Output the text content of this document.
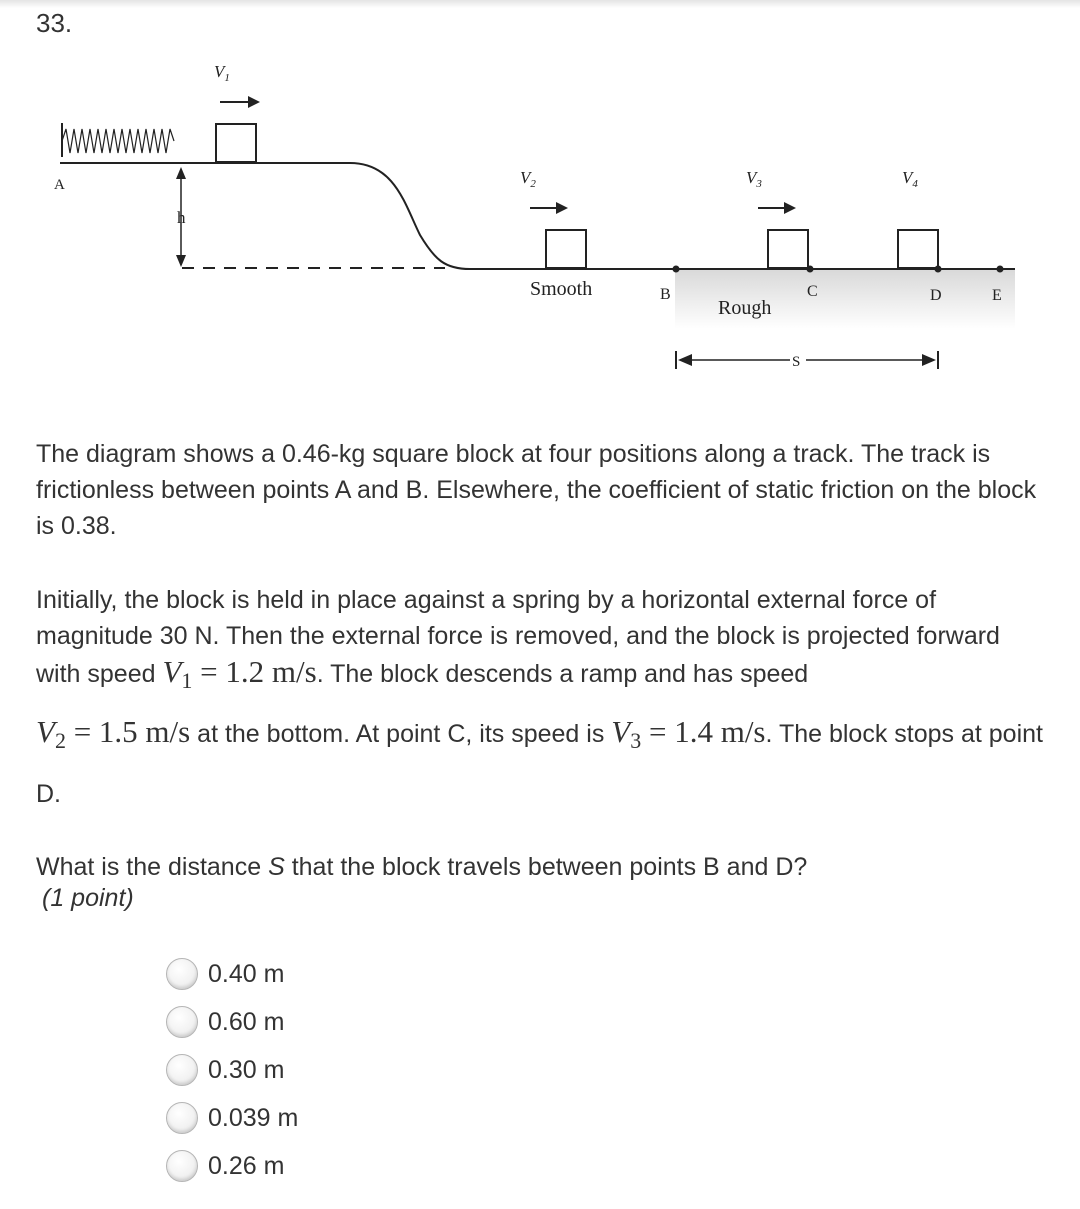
33.
h
A
$V_1$
$V_2$	$V_3$	$V_4$
Smooth	B
Rough
C	D	E
S
The diagram shows a 0.46-kg square block at four positions along a track. The track is frictionless between points A and B. Elsewhere, the coefficient of static friction on the block is 0.38.
Initially, the block is held in place against a spring by a horizontal external force of magnitude 30 N. Then the external force is removed, and the block is projected forward with speed $V_1 = 1.2$ m/s. The block descends a ramp and has speed
$V_2 = 1.5$ m/s at the bottom. At point C, its speed is $V_3 = 1.4$ m/s. The block stops at point D.
What is the distance S that the block travels between points B and D?
(1 point)
0.40 m
0.60 m
0.30 m
0.039 m
0.26 m
